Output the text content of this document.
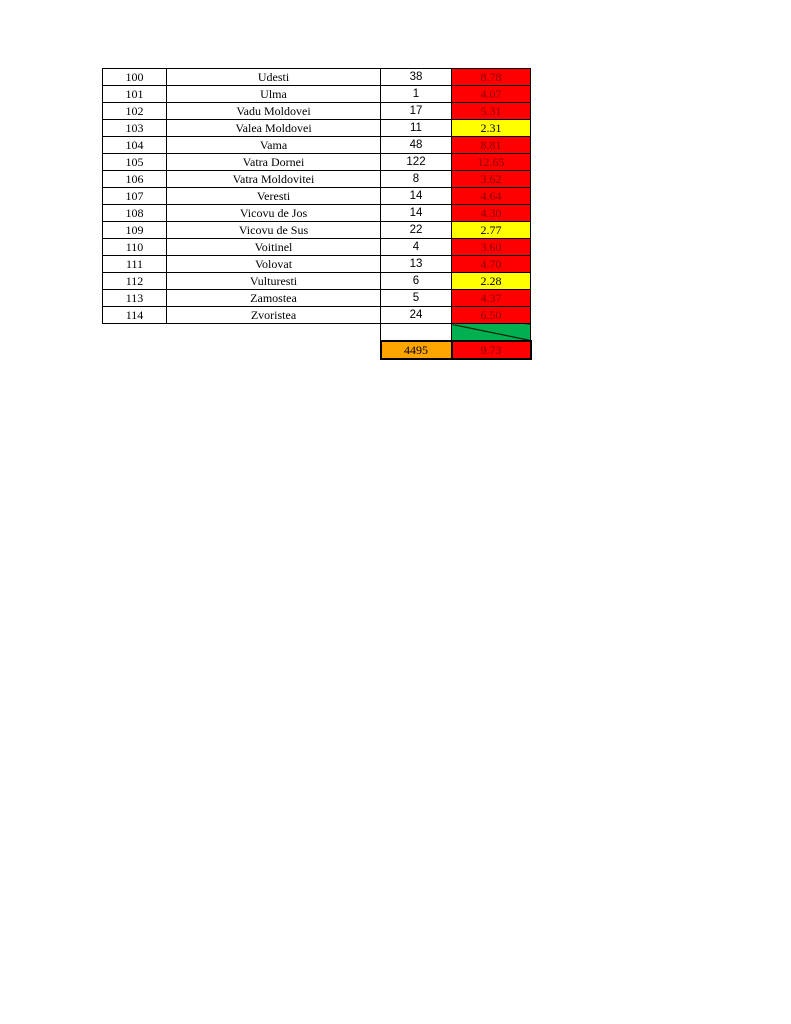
100	Udesti	38	8.78
101	Ulma	1	4.07
102	Vadu Moldovei	17	5.31
103	Valea Moldovei	11	2.31
104	Vama	48	8.81
105	Vatra Dornei	122	12.65
106	Vatra Moldovitei	8	3.62
107	Veresti	14	4.64
108	Vicovu de Jos	14	4.30
109	Vicovu de Sus	22	2.77
110	Voitinel	4	3.60
111	Volovat	13	4.70
112	Vulturesti	6	2.28
113	Zamostea	5	4.37
114	Zvoristea	24	6.50

		4495	9.73
